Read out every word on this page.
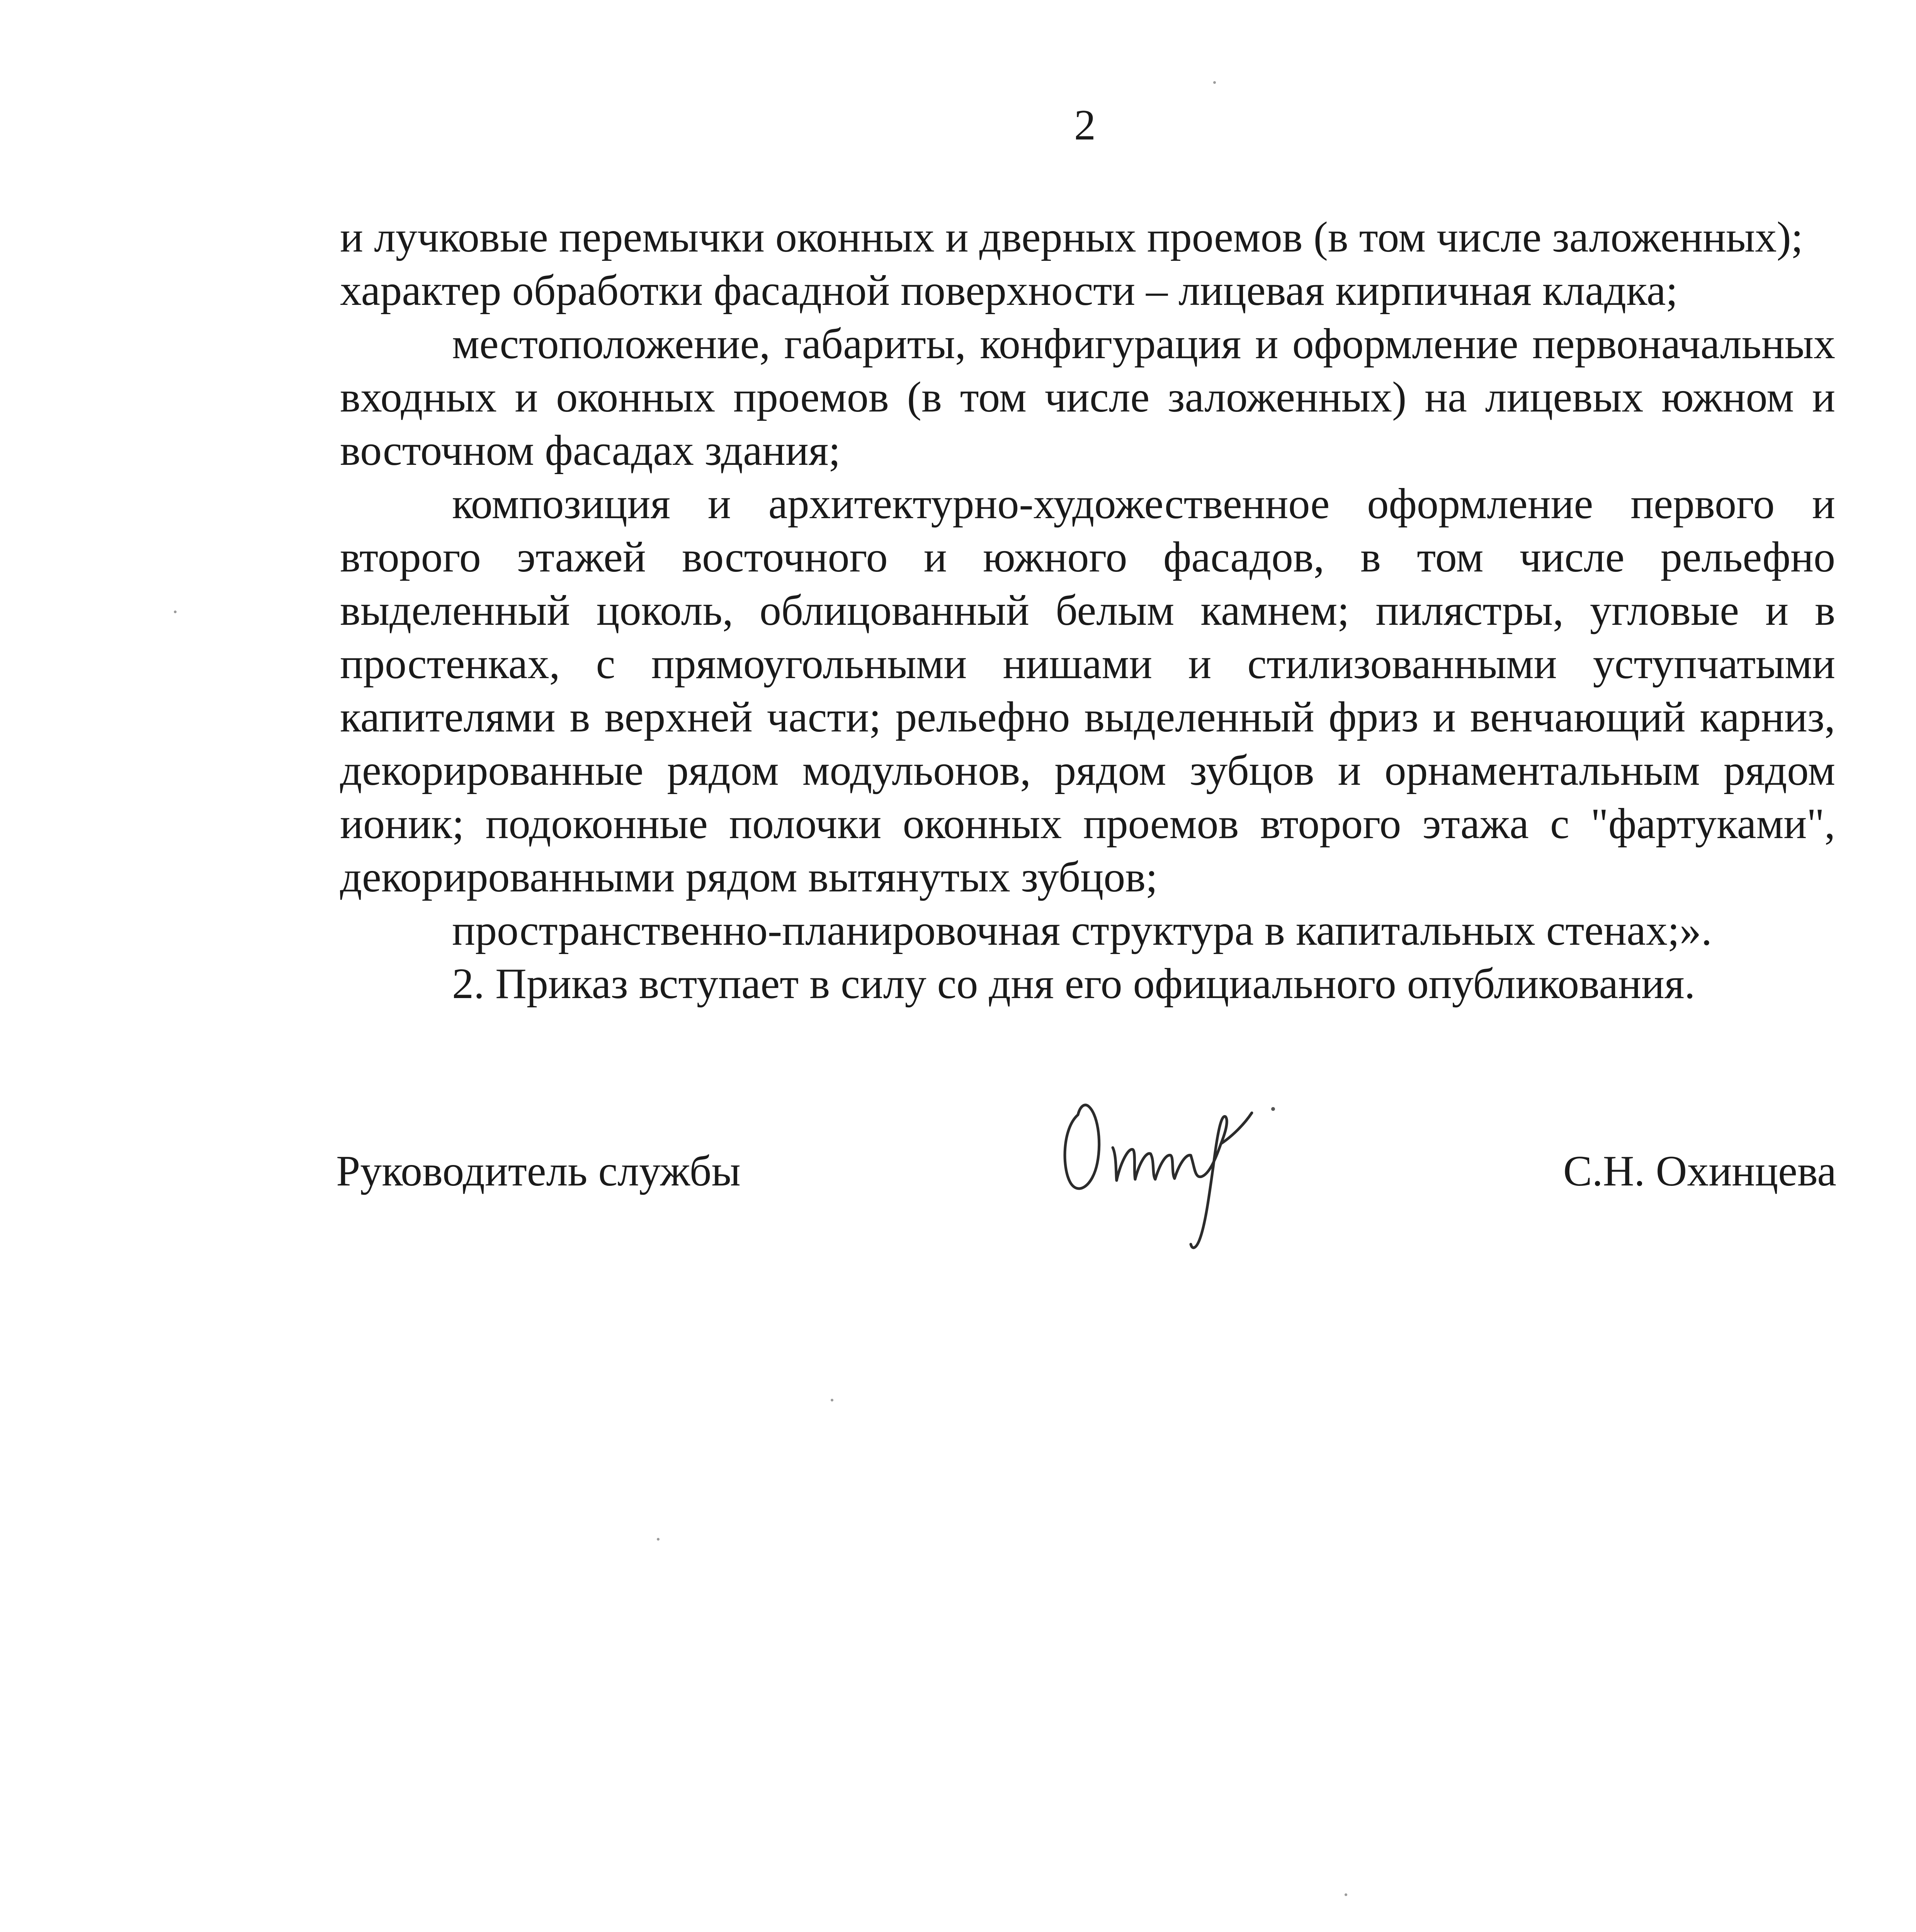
2

и лучковые перемычки оконных и дверных проемов (в том числе заложенных);

характер обработки фасадной поверхности – лицевая кирпичная кладка;

местоположение, габариты, конфигурация и оформление первоначальных входных и оконных проемов (в том числе заложенных) на лицевых южном и восточном фасадах здания;

композиция и архитектурно-художественное оформление первого и второго этажей восточного и южного фасадов, в том числе рельефно выделенный цоколь, облицованный белым камнем; пилястры, угловые и в простенках, с прямоугольными нишами и стилизованными уступчатыми капителями в верхней части; рельефно выделенный фриз и венчающий карниз, декорированные рядом модульонов, рядом зубцов и орнаментальным рядом ионик; подоконные полочки оконных проемов второго этажа с "фартуками", декорированными рядом вытянутых зубцов;

пространственно-планировочная структура в капитальных стенах;».

2. Приказ вступает в силу со дня его официального опубликования.

Руководитель службы	С.Н. Охинцева
